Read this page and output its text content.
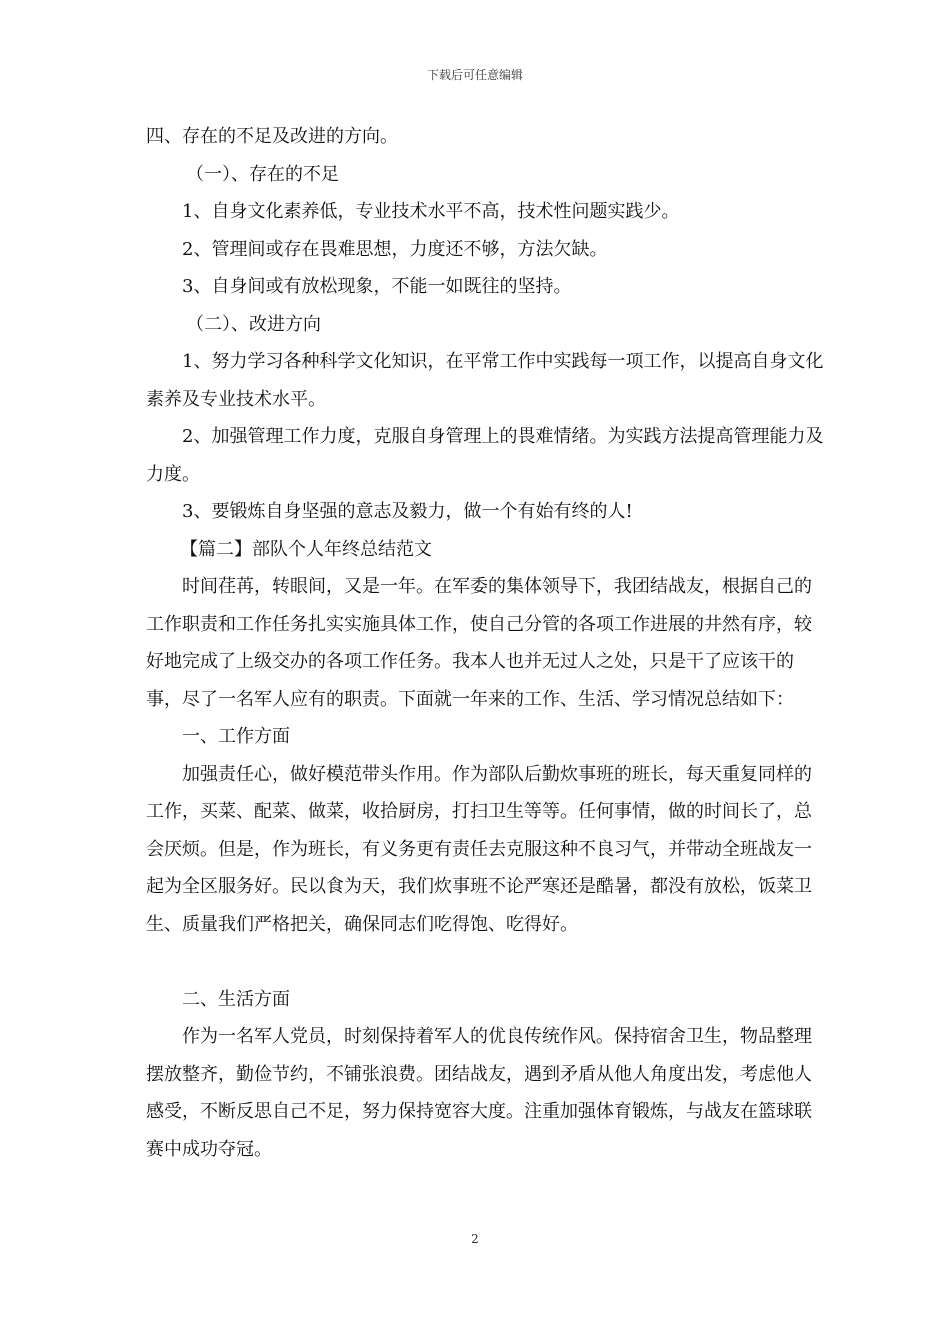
下载后可任意编辑

四、存在的不足及改进的方向。

（一）、存在的不足

1、自身文化素养低，专业技术水平不高，技术性问题实践少。

2、管理间或存在畏难思想，力度还不够，方法欠缺。

3、自身间或有放松现象，不能一如既往的坚持。

（二）、改进方向

1、努力学习各种科学文化知识，在平常工作中实践每一项工作，以提高自身文化素养及专业技术水平。

2、加强管理工作力度，克服自身管理上的畏难情绪。为实践方法提高管理能力及力度。

3、要锻炼自身坚强的意志及毅力，做一个有始有终的人!

【篇二】部队个人年终总结范文

时间荏苒，转眼间，又是一年。在军委的集体领导下，我团结战友，根据自己的工作职责和工作任务扎实实施具体工作，使自己分管的各项工作进展的井然有序，较好地完成了上级交办的各项工作任务。我本人也并无过人之处，只是干了应该干的事，尽了一名军人应有的职责。下面就一年来的工作、生活、学习情况总结如下：

一、工作方面

加强责任心，做好模范带头作用。作为部队后勤炊事班的班长，每天重复同样的工作，买菜、配菜、做菜，收拾厨房，打扫卫生等等。任何事情，做的时间长了，总会厌烦。但是，作为班长，有义务更有责任去克服这种不良习气，并带动全班战友一起为全区服务好。民以食为天，我们炊事班不论严寒还是酷暑，都没有放松，饭菜卫生、质量我们严格把关，确保同志们吃得饱、吃得好。

二、生活方面

作为一名军人党员，时刻保持着军人的优良传统作风。保持宿舍卫生，物品整理摆放整齐，勤俭节约，不铺张浪费。团结战友，遇到矛盾从他人角度出发，考虑他人感受，不断反思自己不足，努力保持宽容大度。注重加强体育锻炼，与战友在篮球联赛中成功夺冠。

2
